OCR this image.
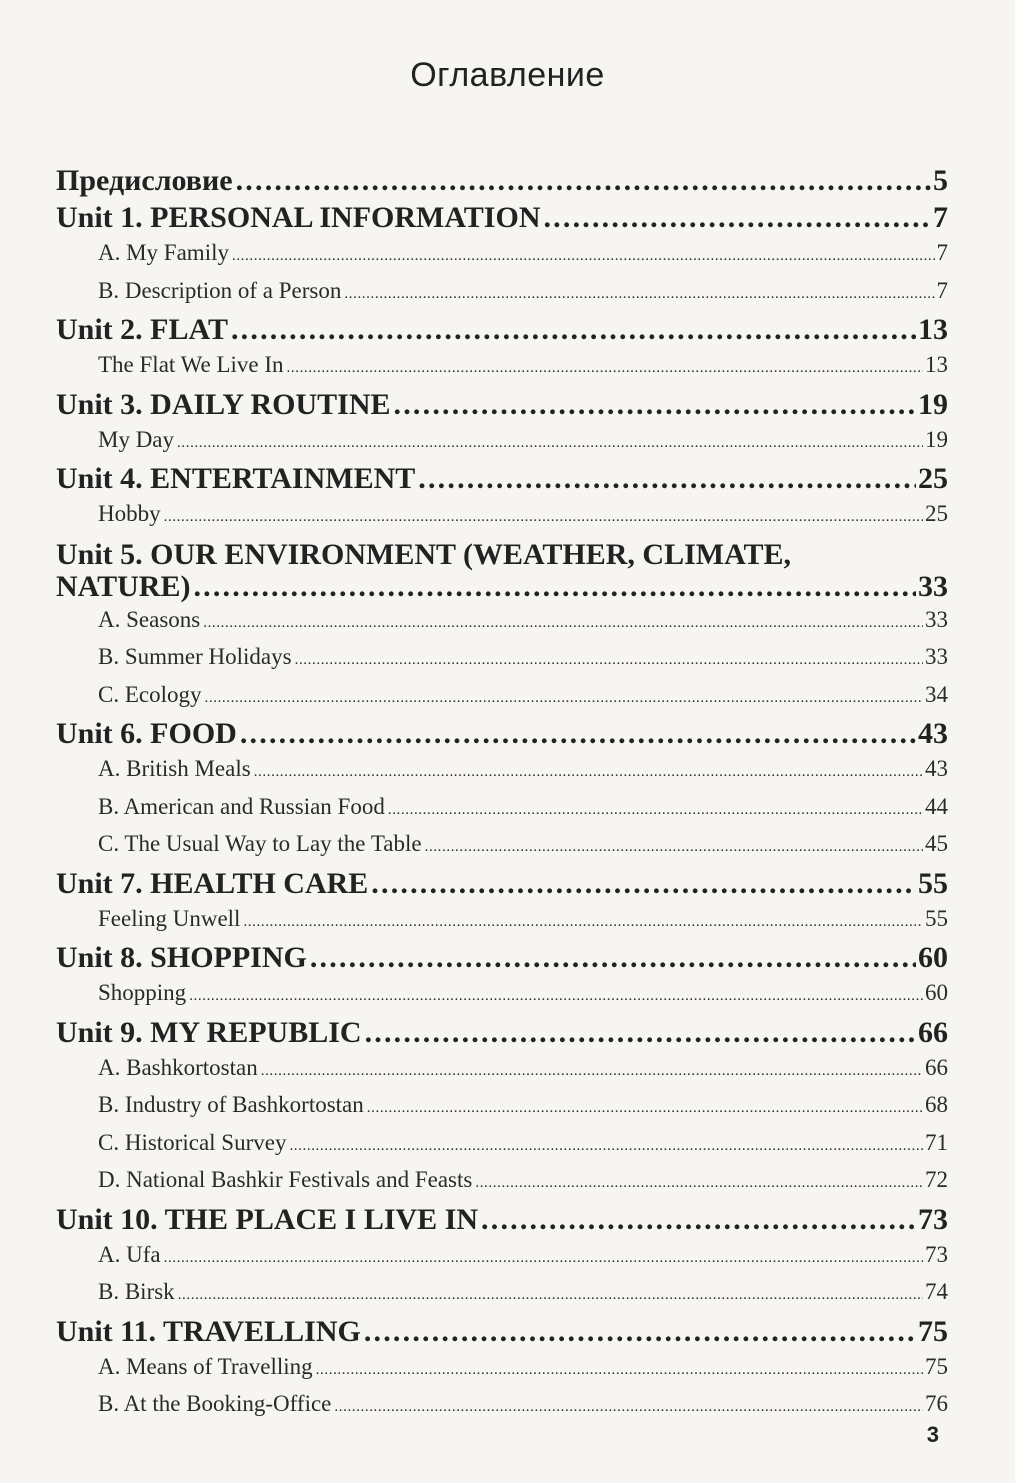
Оглавление
Предисловие .....	5
Unit 1. PERSONAL INFORMATION .....	7
A. My Family .....	7
B. Description of a Person .....	7
Unit 2. FLAT .....	13
The Flat We Live In .....	13
Unit 3. DAILY ROUTINE .....	19
My Day .....	19
Unit 4. ENTERTAINMENT .....	25
Hobby .....	25
Unit 5. OUR ENVIRONMENT (WEATHER, CLIMATE,
NATURE) .....	33
A. Seasons .....	33
B. Summer Holidays .....	33
C. Ecology .....	34
Unit 6. FOOD .....	43
A. British Meals .....	43
B. American and Russian Food .....	44
C. The Usual Way to Lay the Table .....	45
Unit 7. HEALTH CARE .....	55
Feeling Unwell .....	55
Unit 8. SHOPPING .....	60
Shopping .....	60
Unit 9. MY REPUBLIC .....	66
A. Bashkortostan .....	66
B. Industry of Bashkortostan .....	68
C. Historical Survey .....	71
D. National Bashkir Festivals and Feasts .....	72
Unit 10. THE PLACE I LIVE IN .....	73
A. Ufa .....	73
B. Birsk .....	74
Unit 11. TRAVELLING .....	75
A. Means of Travelling .....	75
B. At the Booking-Office .....	76
3
